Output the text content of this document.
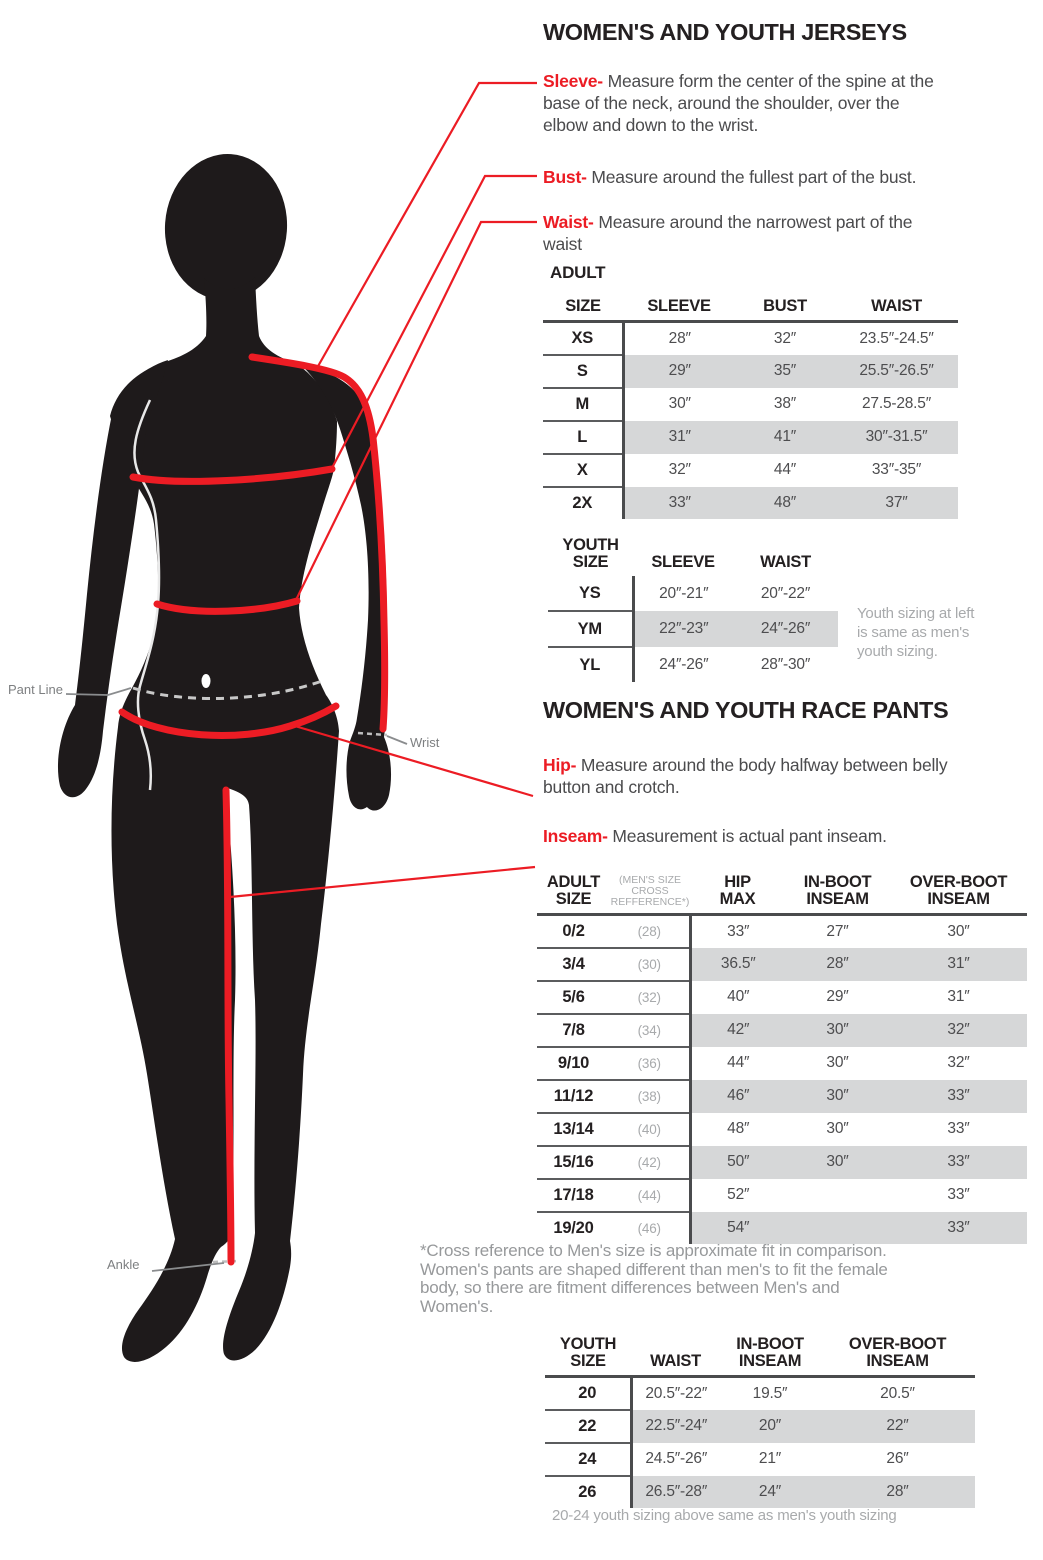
Pant Line
Wrist
Ankle
WOMEN'S AND YOUTH JERSEYS
Sleeve- Measure form the center of the spine at the base of the neck, around the shoulder, over the elbow and down to the wrist.
Bust- Measure around the fullest part of the bust.
Waist- Measure around the narrowest part of the waist
ADULT
SIZE	SLEEVE	BUST	WAIST
XS	28″	32″	23.5″-24.5″
S	29″	35″	25.5″-26.5″
M	30″	38″	27.5-28.5″
L	31″	41″	30″-31.5″
X	32″	44″	33″-35″
2X	33″	48″	37″
YOUTH
SIZE	SLEEVE	WAIST
YS	20″-21″	20″-22″
YM	22″-23″	24″-26″
YL	24″-26″	28″-30″
Youth sizing at left
is same as men's
youth sizing.
WOMEN'S AND YOUTH RACE PANTS
Hip- Measure around the body halfway between belly button and crotch.
Inseam- Measurement is actual pant inseam.
ADULT
SIZE

(MEN'S SIZE
CROSS
REFFERENCE*)

HIP
MAX

IN-BOOT
INSEAM

OVER-BOOT
INSEAM

0/2	(28)	33″	27″	30″
3/4	(30)	36.5″	28″	31″
5/6	(32)	40″	29″	31″
7/8	(34)	42″	30″	32″
9/10	(36)	44″	30″	32″
11/12	(38)	46″	30″	33″
13/14	(40)	48″	30″	33″
15/16	(42)	50″	30″	33″
17/18	(44)	52″		33″
19/20	(46)	54″		33″
*Cross reference to Men's size is approximate fit in comparison.
Women's pants are shaped different than men's to fit the female
body, so there are fitment differences between Men's and
Women's.
YOUTH
SIZE	WAIST	
IN-BOOT
INSEAM

OVER-BOOT
INSEAM

20	20.5″-22″	19.5″	20.5″
22	22.5″-24″	20″	22″
24	24.5″-26″	21″	26″
26	26.5″-28″	24″	28″
20-24 youth sizing above same as men's youth sizing
